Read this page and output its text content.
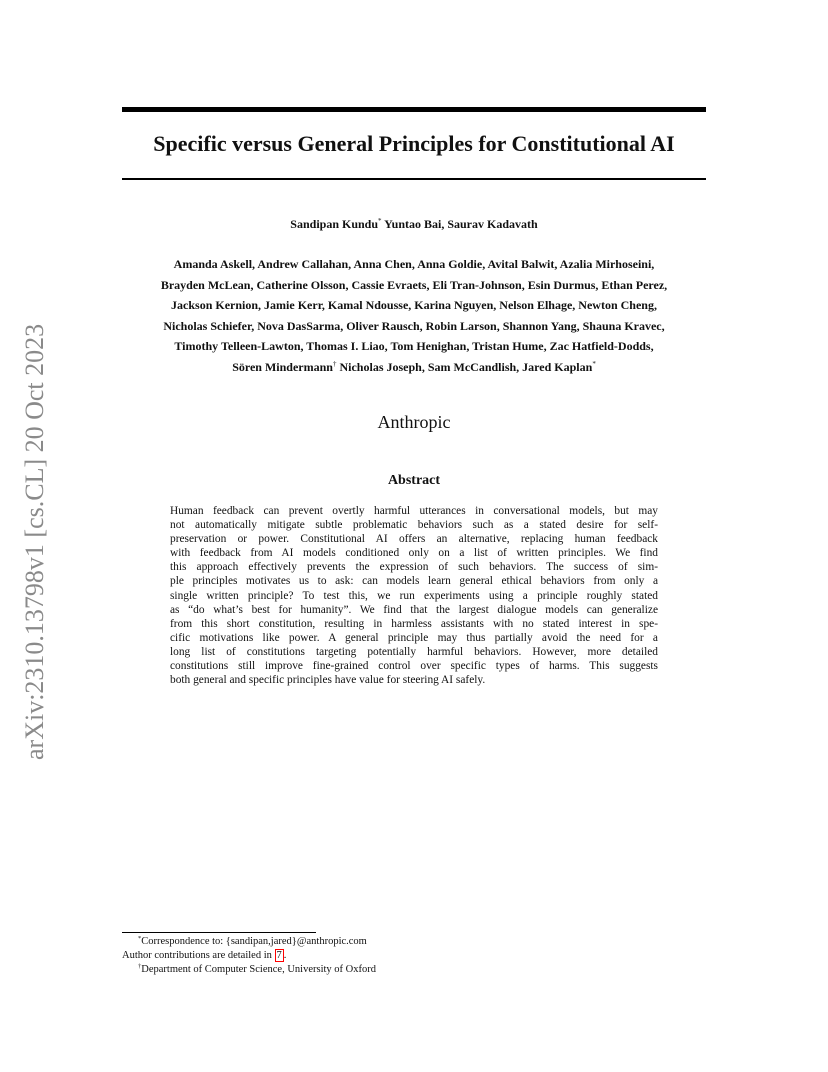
arXiv:2310.13798v1 [cs.CL] 20 Oct 2023
Specific versus General Principles for Constitutional AI
Sandipan Kundu* Yuntao Bai, Saurav Kadavath
Amanda Askell, Andrew Callahan, Anna Chen, Anna Goldie, Avital Balwit, Azalia Mirhoseini,
Brayden McLean, Catherine Olsson, Cassie Evraets, Eli Tran-Johnson, Esin Durmus, Ethan Perez,
Jackson Kernion, Jamie Kerr, Kamal Ndousse, Karina Nguyen, Nelson Elhage, Newton Cheng,
Nicholas Schiefer, Nova DasSarma, Oliver Rausch, Robin Larson, Shannon Yang, Shauna Kravec,
Timothy Telleen-Lawton, Thomas I. Liao, Tom Henighan, Tristan Hume, Zac Hatfield-Dodds,
Sören Mindermann† Nicholas Joseph, Sam McCandlish, Jared Kaplan*
Anthropic
Abstract
Human feedback can prevent overtly harmful utterances in conversational models, but may
not automatically mitigate subtle problematic behaviors such as a stated desire for self-
preservation or power. Constitutional AI offers an alternative, replacing human feedback
with feedback from AI models conditioned only on a list of written principles. We find
this approach effectively prevents the expression of such behaviors. The success of sim-
ple principles motivates us to ask: can models learn general ethical behaviors from only a
single written principle? To test this, we run experiments using a principle roughly stated
as “do what’s best for humanity”. We find that the largest dialogue models can generalize
from this short constitution, resulting in harmless assistants with no stated interest in spe-
cific motivations like power. A general principle may thus partially avoid the need for a
long list of constitutions targeting potentially harmful behaviors. However, more detailed
constitutions still improve fine-grained control over specific types of harms. This suggests
both general and specific principles have value for steering AI safely.
*Correspondence to: {sandipan,jared}@anthropic.com
Author contributions are detailed in 7 .
†Department of Computer Science, University of Oxford
